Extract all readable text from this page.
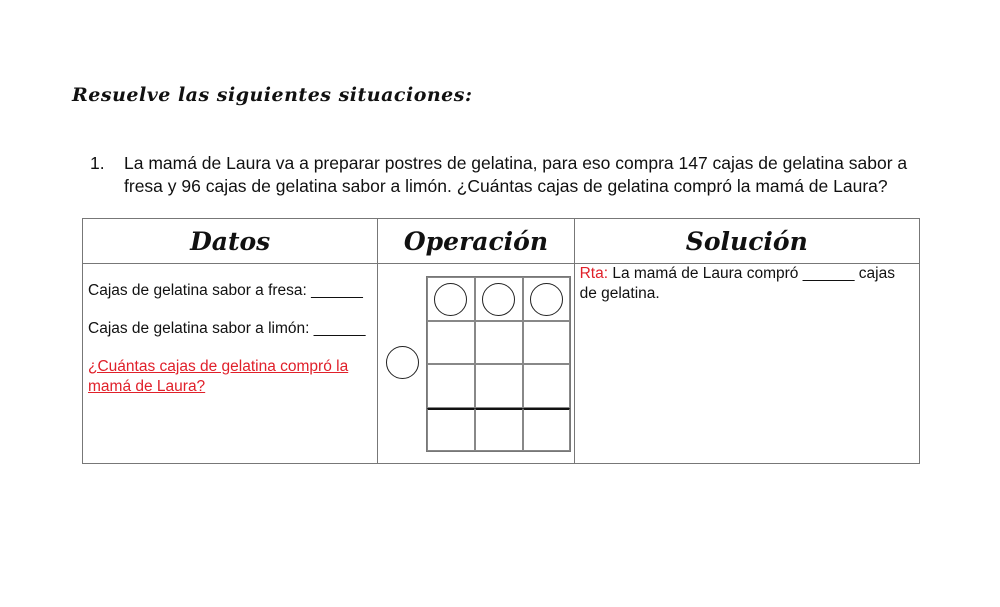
Resuelve las siguientes situaciones:
1.	La mamá de Laura va a preparar postres de gelatina, para eso compra 147 cajas de gelatina sabor a fresa y 96 cajas de gelatina sabor a limón. ¿Cuántas cajas de gelatina compró la mamá de Laura?
Datos	Operación	Solución

Cajas de gelatina sabor a fresa: ______

Cajas de gelatina sabor a limón: ______

¿Cuántas cajas de gelatina compró la mamá de Laura?		Rta: La mamá de Laura compró ______ cajas de gelatina.
